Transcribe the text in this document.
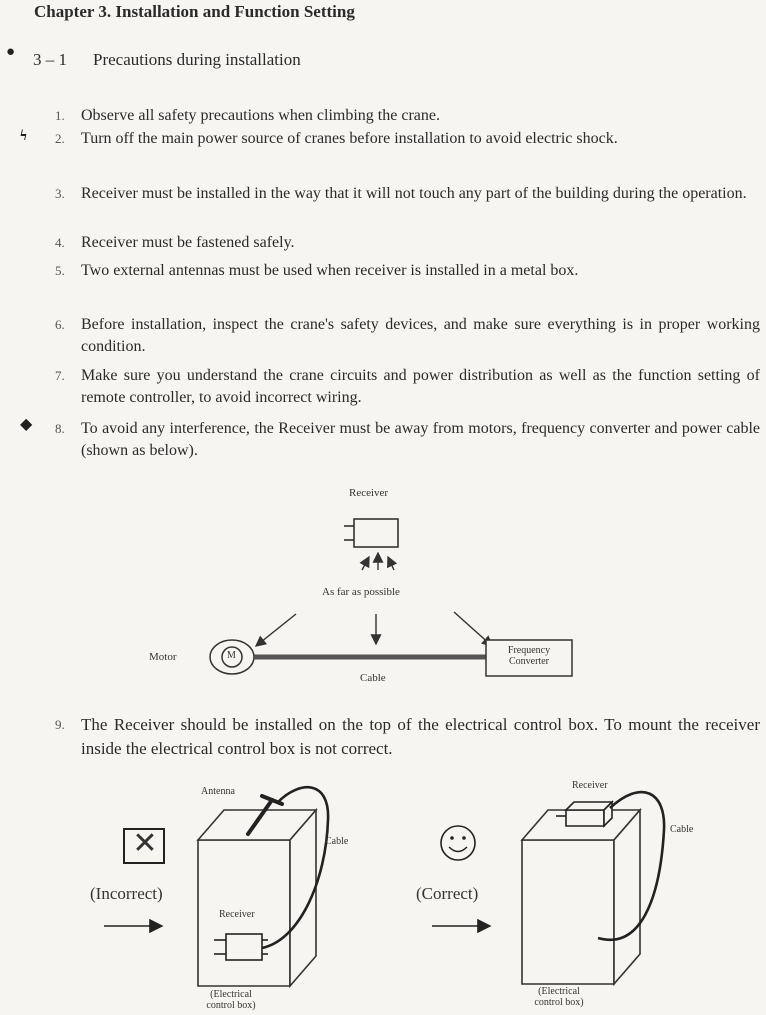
Chapter 3. Installation and Function Setting
● 3 – 1 Precautions during installation
ϟ
1.	Observe all safety precautions when climbing the crane.
2.	Turn off the main power source of cranes before installation to avoid electric shock.
3.	Receiver must be installed in the way that it will not touch any part of the building during the operation.
4.	Receiver must be fastened safely.
5.	Two external antennas must be used when receiver is installed in a metal box.
6.	Before installation, inspect the crane's safety devices, and make sure everything is in proper working condition.
7.	Make sure you understand the crane circuits and power distribution as well as the function setting of remote controller, to avoid incorrect wiring.
◆ 8.	To avoid any interference, the Receiver must be away from motors, frequency converter and power cable (shown as below).
Receiver
As far as possible
Motor	M
Cable
Frequency
Converter
9. The Receiver should be installed on the top of the electrical control box. To mount the receiver inside the electrical control box is not correct.
✕
(Incorrect)
Antenna
Cable
Receiver
(Electrical
control box)
(Correct)
Receiver
Cable
(Electrical
control box)
